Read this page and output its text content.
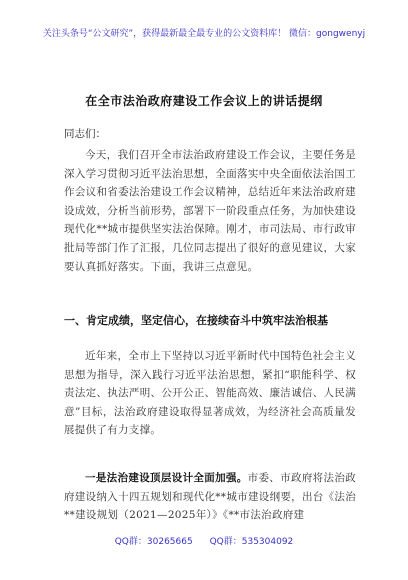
关注头条号“公文研究”，获得最新最全最专业的公文资料库！ 微信：gongwenyj
在全市法治政府建设工作会议上的讲话提纲
同志们：
今天，我们召开全市法治政府建设工作会议，主要任务是深入学习贯彻习近平法治思想，全面落实中央全面依法治国工作会议和省委法治建设工作会议精神，总结近年来法治政府建设成效，分析当前形势，部署下一阶段重点任务，为加快建设现代化**城市提供坚实法治保障。刚才，市司法局、市行政审批局等部门作了汇报，几位同志提出了很好的意见建议，大家要认真抓好落实。下面，我讲三点意见。
一、肯定成绩，坚定信心，在接续奋斗中筑牢法治根基
近年来，全市上下坚持以习近平新时代中国特色社会主义思想为指导，深入践行习近平法治思想，紧扣“职能科学、权责法定、执法严明、公开公正、智能高效、廉洁诚信、人民满意”目标，法治政府建设取得显著成效，为经济社会高质量发展提供了有力支撑。
一是法治建设顶层设计全面加强。市委、市政府将法治政府建设纳入十四五规划和现代化**城市建设纲要，出台《法治**建设规划（2021—2025年）》《**市法治政府建
QQ群：30265665 QQ群：535304092
